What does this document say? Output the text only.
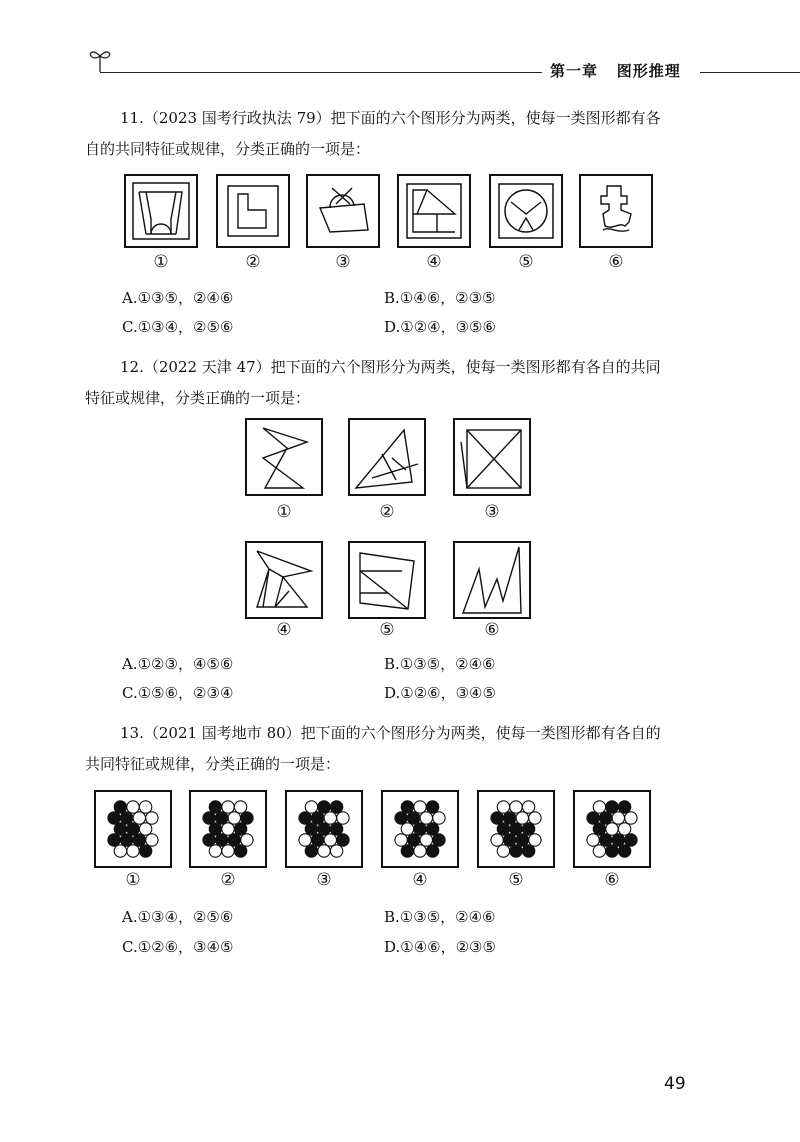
第一章 图形推理
11.（2023 国考行政执法 79）把下面的六个图形分为两类，使每一类图形都有各
自的共同特征或规律，分类正确的一项是：
①	②	③	④	⑤	⑥
A.①③⑤，②④⑥	B.①④⑥，②③⑤
C.①③④，②⑤⑥	D.①②④，③⑤⑥
12.（2022 天津 47）把下面的六个图形分为两类，使每一类图形都有各自的共同
特征或规律，分类正确的一项是：
①	②	③
④	⑤	⑥
A.①②③，④⑤⑥	B.①③⑤，②④⑥
C.①⑤⑥，②③④	D.①②⑥，③④⑤
13.（2021 国考地市 80）把下面的六个图形分为两类，使每一类图形都有各自的
共同特征或规律，分类正确的一项是：
①	②	③	④	⑤	⑥
A.①③④，②⑤⑥	B.①③⑤，②④⑥
C.①②⑥，③④⑤	D.①④⑥，②③⑤
49
